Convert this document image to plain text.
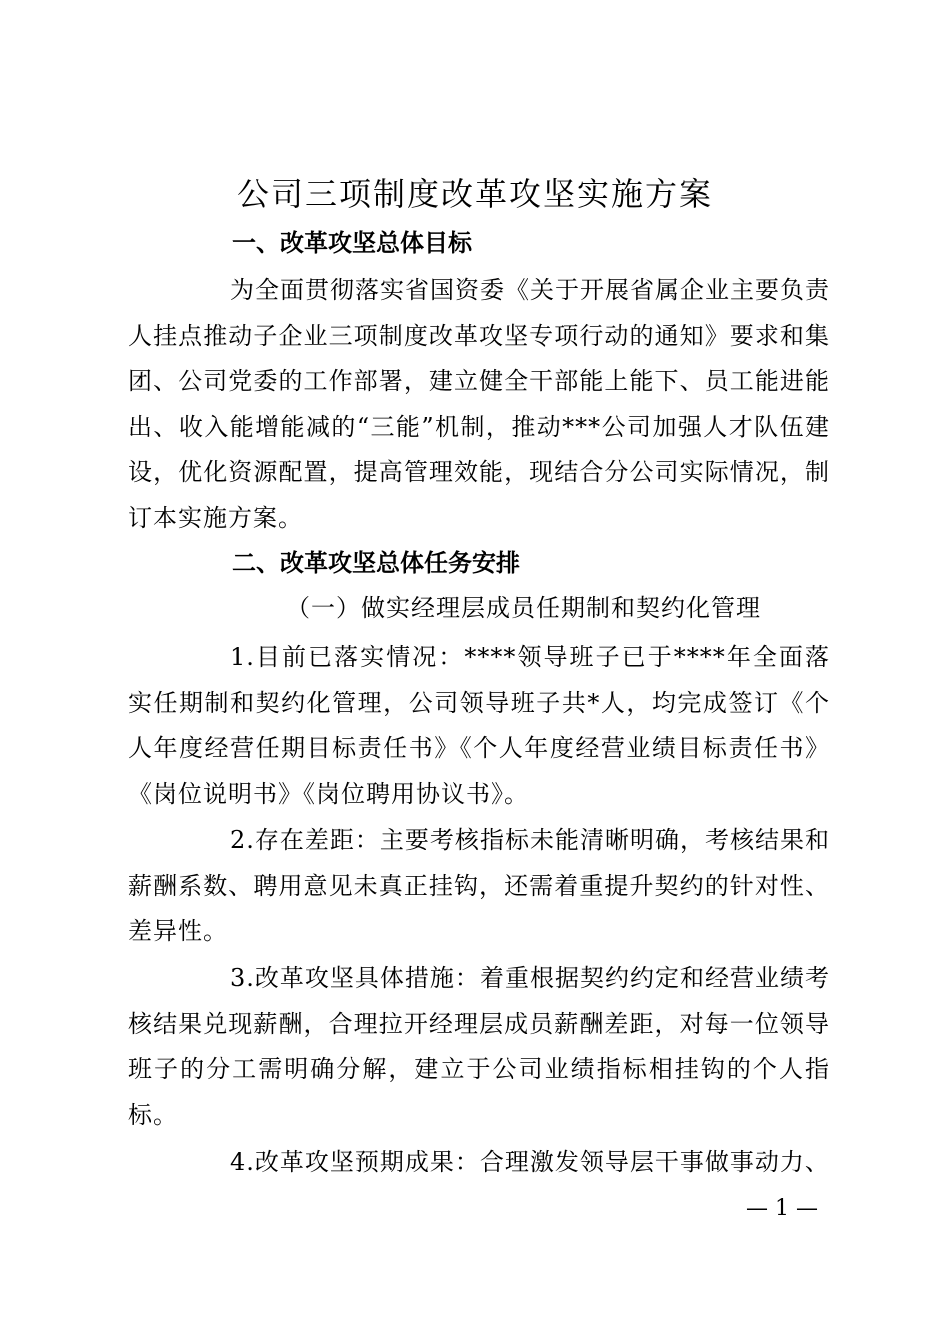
公司三项制度改革攻坚实施方案
一、改革攻坚总体目标
为全面贯彻落实省国资委《关于开展省属企业主要负责人挂点推动子企业三项制度改革攻坚专项行动的通知》要求和集团、公司党委的工作部署，建立健全干部能上能下、员工能进能出、收入能增能减的“三能”机制，推动***公司加强人才队伍建设，优化资源配置，提高管理效能，现结合分公司实际情况，制订本实施方案。
二、改革攻坚总体任务安排
（一）做实经理层成员任期制和契约化管理
1.目前已落实情况：****领导班子已于****年全面落实任期制和契约化管理，公司领导班子共*人，均完成签订《个人年度经营任期目标责任书》《个人年度经营业绩目标责任书》《岗位说明书》《岗位聘用协议书》。
2.存在差距：主要考核指标未能清晰明确，考核结果和薪酬系数、聘用意见未真正挂钩，还需着重提升契约的针对性、差异性。
3.改革攻坚具体措施：着重根据契约约定和经营业绩考核结果兑现薪酬，合理拉开经理层成员薪酬差距，对每一位领导班子的分工需明确分解，建立于公司业绩指标相挂钩的个人指标。
4.改革攻坚预期成果：合理激发领导层干事做事动力、
— 1 —
